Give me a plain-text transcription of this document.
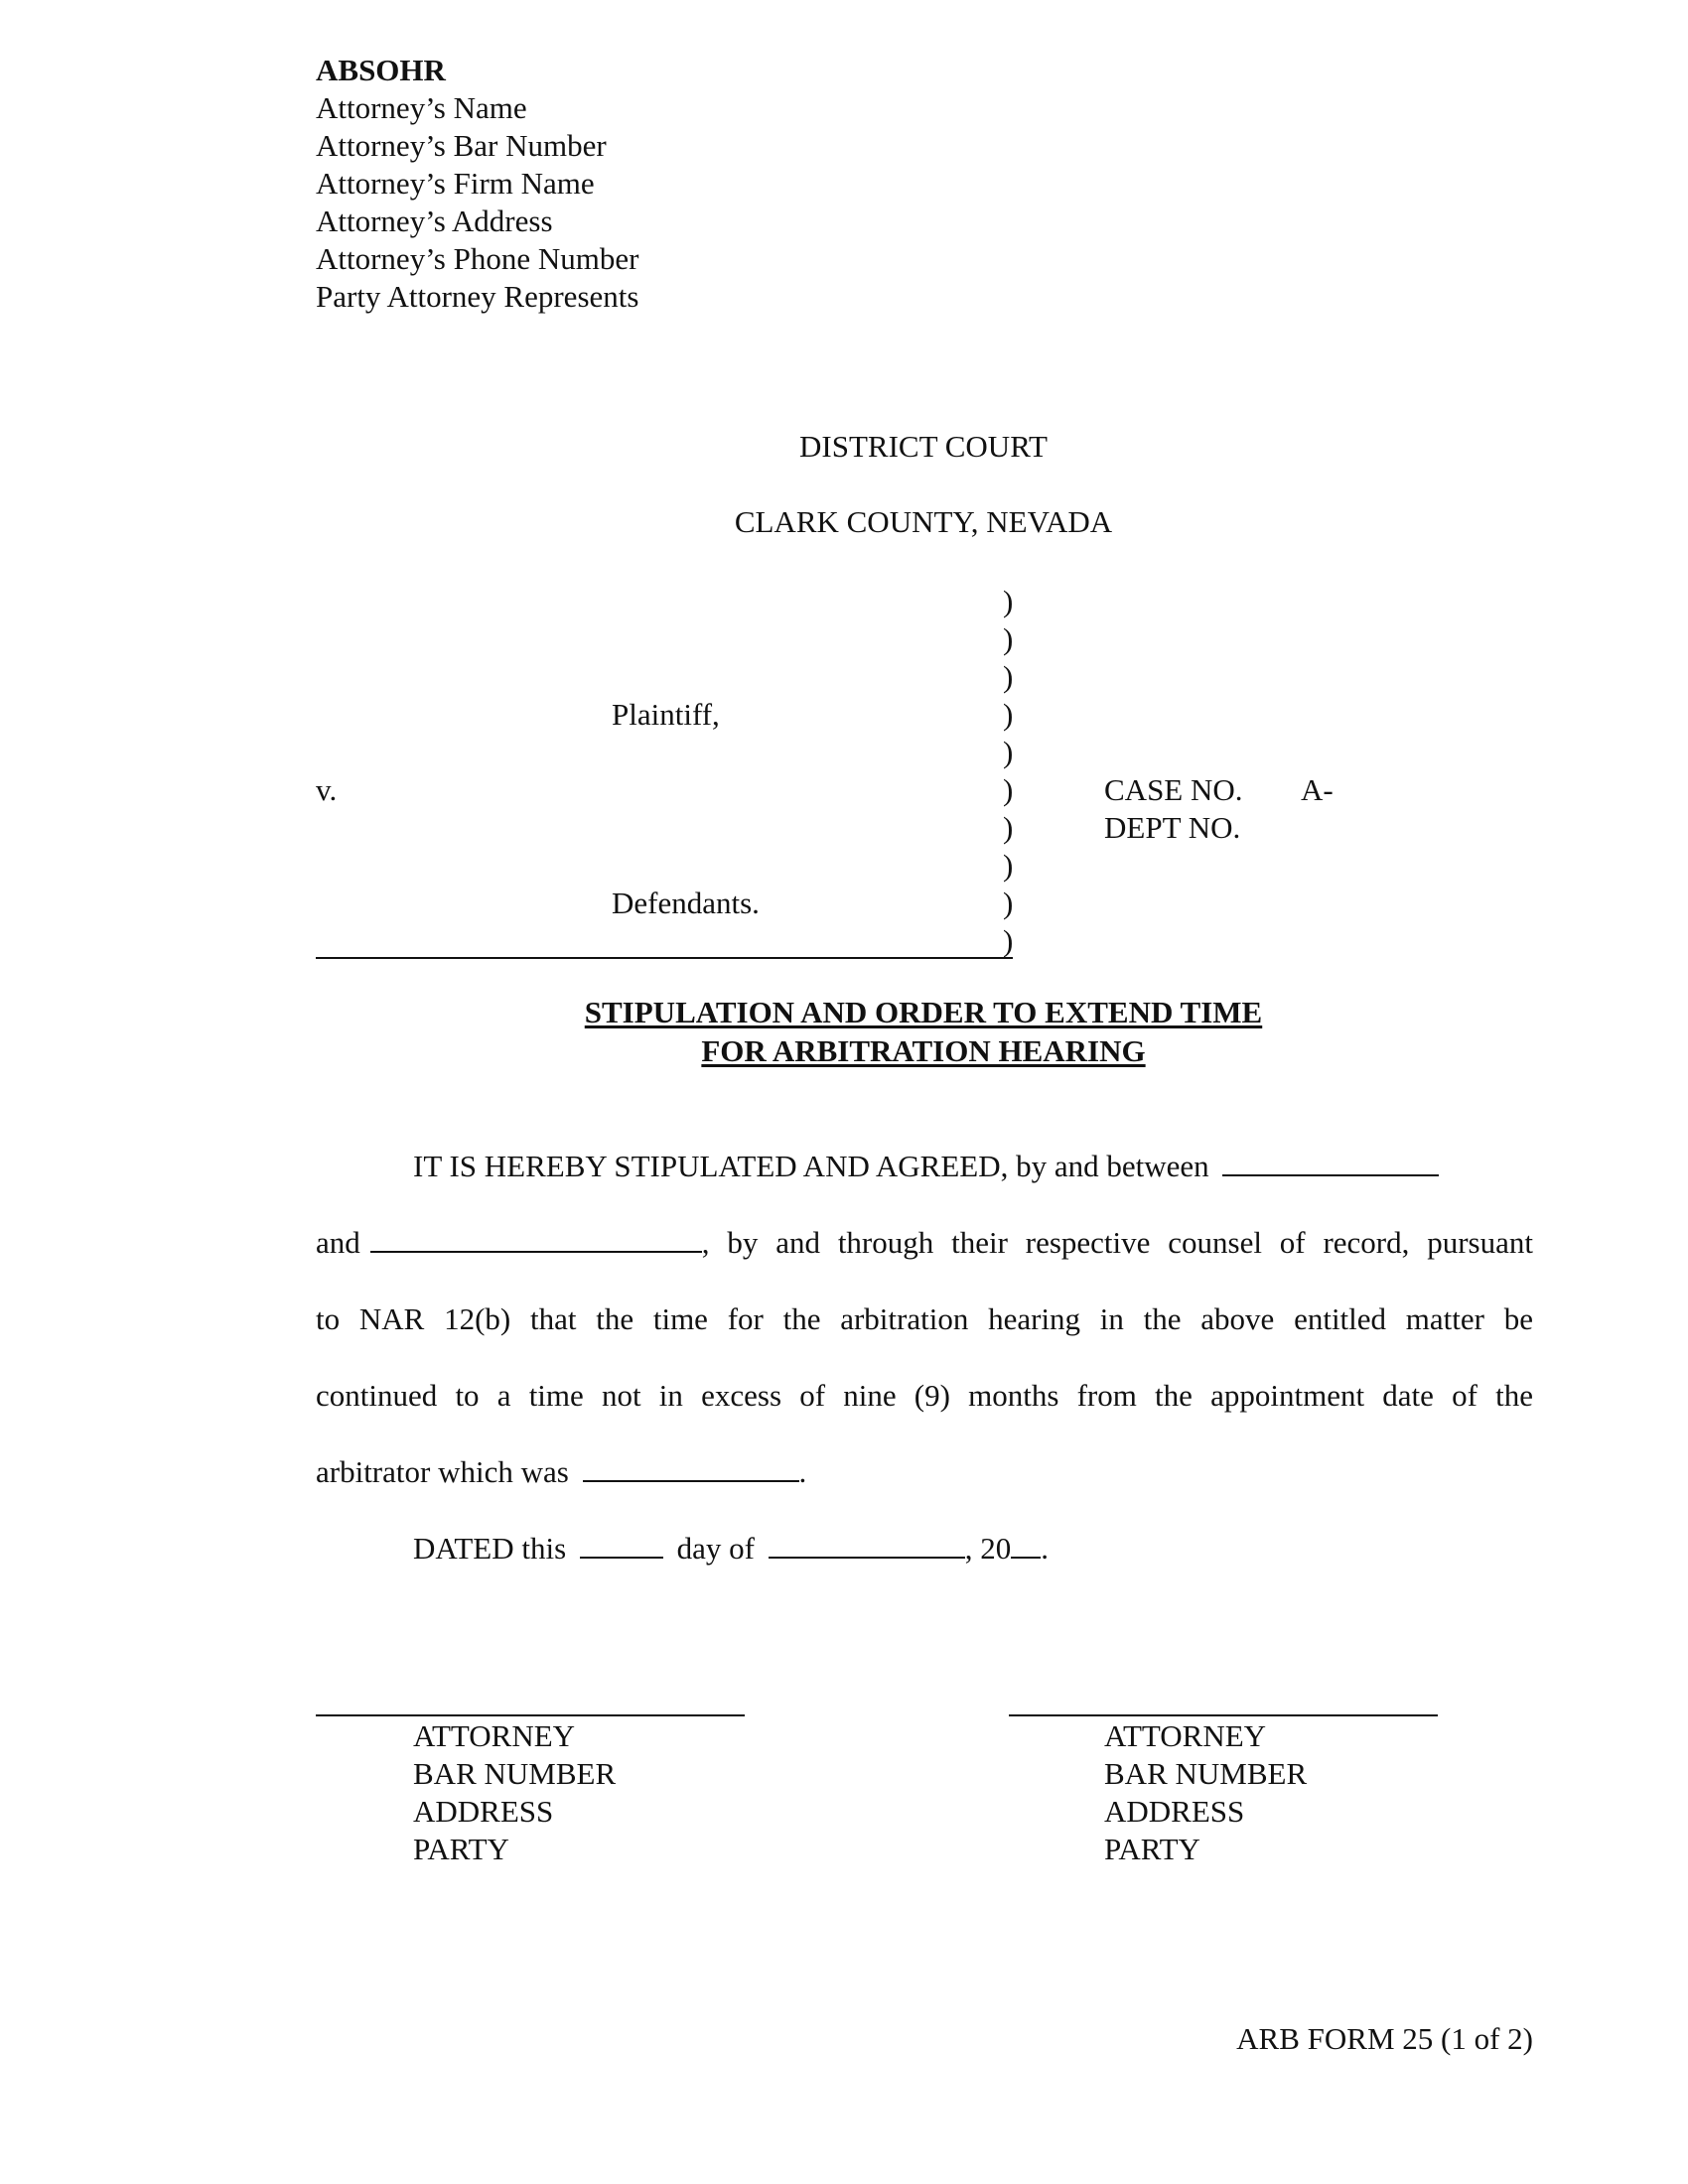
ABSOHR
Attorney’s Name
Attorney’s Bar Number
Attorney’s Firm Name
Attorney’s Address
Attorney’s Phone Number
Party Attorney Represents
DISTRICT COURT
CLARK COUNTY, NEVADA
)
)
)
)
)
)
)
)
)
)
Plaintiff,
v.
Defendants.
CASE NO. A-
DEPT NO.
STIPULATION AND ORDER TO EXTEND TIME
FOR ARBITRATION HEARING
IT IS HEREBY STIPULATED AND AGREED, by and between
and	, by and through their respective counsel of record, pursuant
to NAR 12(b) that the time for the arbitration hearing in the above entitled matter be
continued to a time not in excess of nine (9) months from the appointment date of the
arbitrator which was	.
DATED this	day of	, 20 .
ATTORNEY
BAR NUMBER
ADDRESS
PARTY
ATTORNEY
BAR NUMBER
ADDRESS
PARTY
ARB FORM 25 (1 of 2)
